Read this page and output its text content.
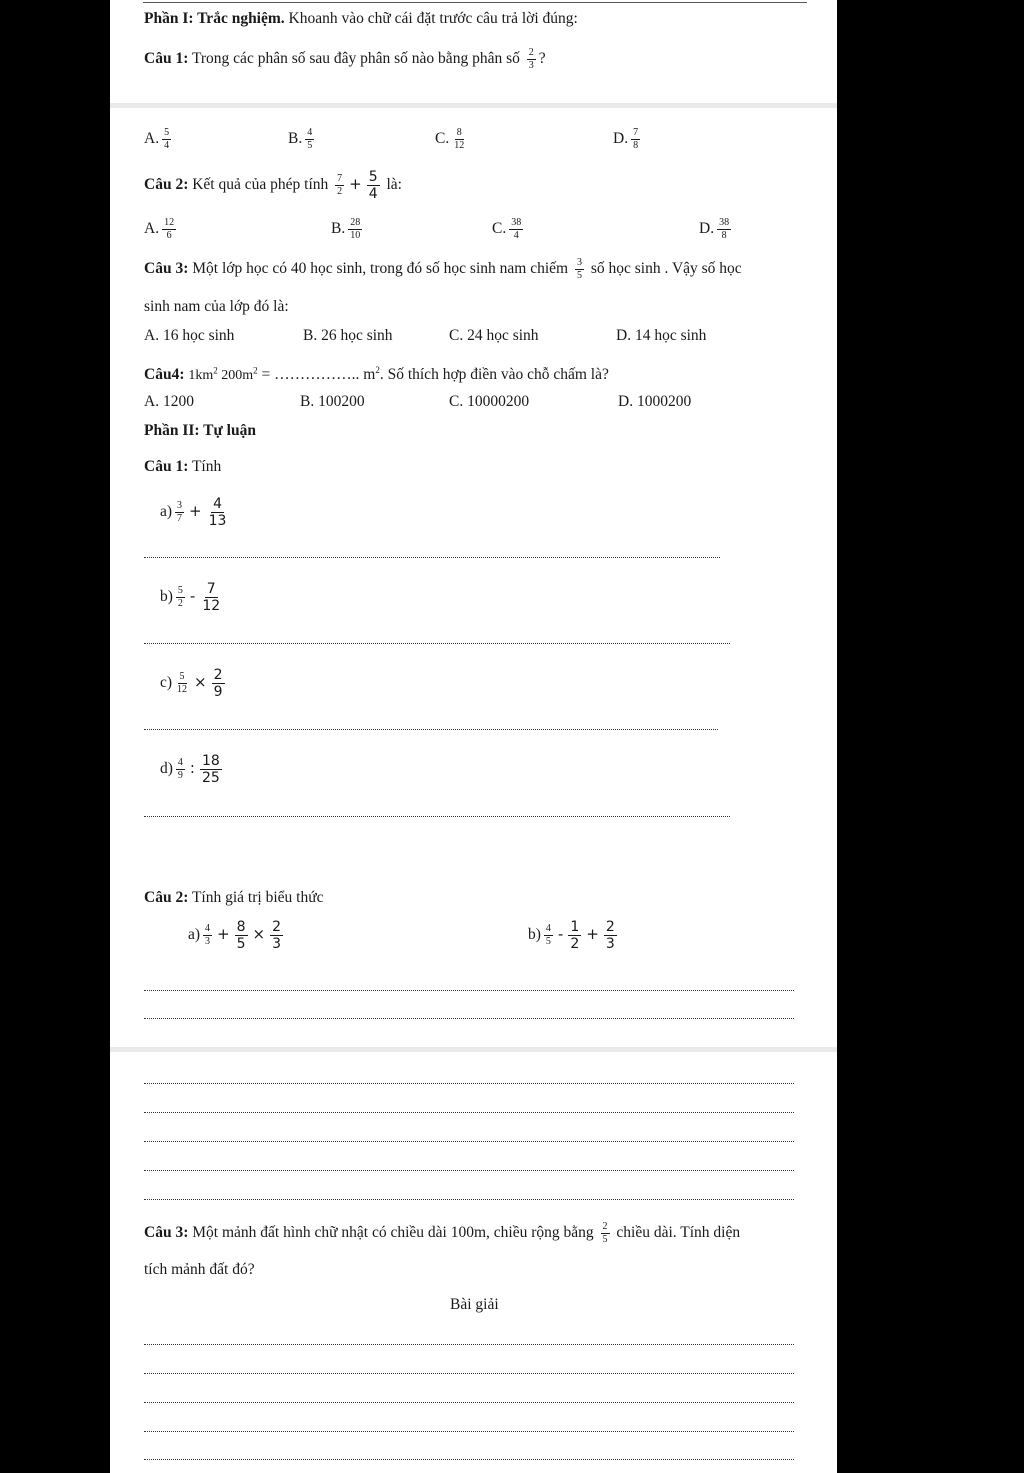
Phần I: Trắc nghiệm. Khoanh vào chữ cái đặt trước câu trả lời đúng:
Câu 1: Trong các phân số sau đây phân số nào bằng phân số $\frac{2}{3}$ ?
A. $\frac{5}{4}$	B. $\frac{4}{5}$	C. $\frac{8}{12}$	D. $\frac{7}{8}$
Câu 2: Kết quả của phép tính $\frac{7}{2} + \frac{5}{4}$ là:
A. $\frac{12}{6}$	B. $\frac{28}{10}$	C. $\frac{38}{4}$	D. $\frac{38}{8}$
Câu 3: Một lớp học có 40 học sinh, trong đó số học sinh nam chiếm $\frac{3}{5}$ số học sinh . Vậy số học
sinh nam của lớp đó là:
A. 16 học sinh	B. 26 học sinh	C. 24 học sinh	D. 14 học sinh
Câu4: $1km^2$ $200m^2$ = …………….. $m^2$. Số thích hợp điền vào chỗ chấm là?
A. 1200	B. 100200	C. 10000200	D. 1000200
Phần II: Tự luận
Câu 1: Tính
$a) \frac{3}{7} + \frac{4}{13}$
$b) \frac{5}{2} - \frac{7}{12}$
$c) \frac{5}{12} \times \frac{2}{9}$
$d) \frac{4}{9}$ : $\frac{18}{25}$
Câu 2: Tính giá trị biểu thức
$a) \frac{4}{3} + \frac{8}{5} \times \frac{2}{3}$	$b) \frac{4}{5} - \frac{1}{2} + \frac{2}{3}$
Câu 3: Một mảnh đất hình chữ nhật có chiều dài 100m, chiều rộng bằng $\frac{2}{5}$ chiều dài. Tính diện
tích mảnh đất đó?
Bài giải
